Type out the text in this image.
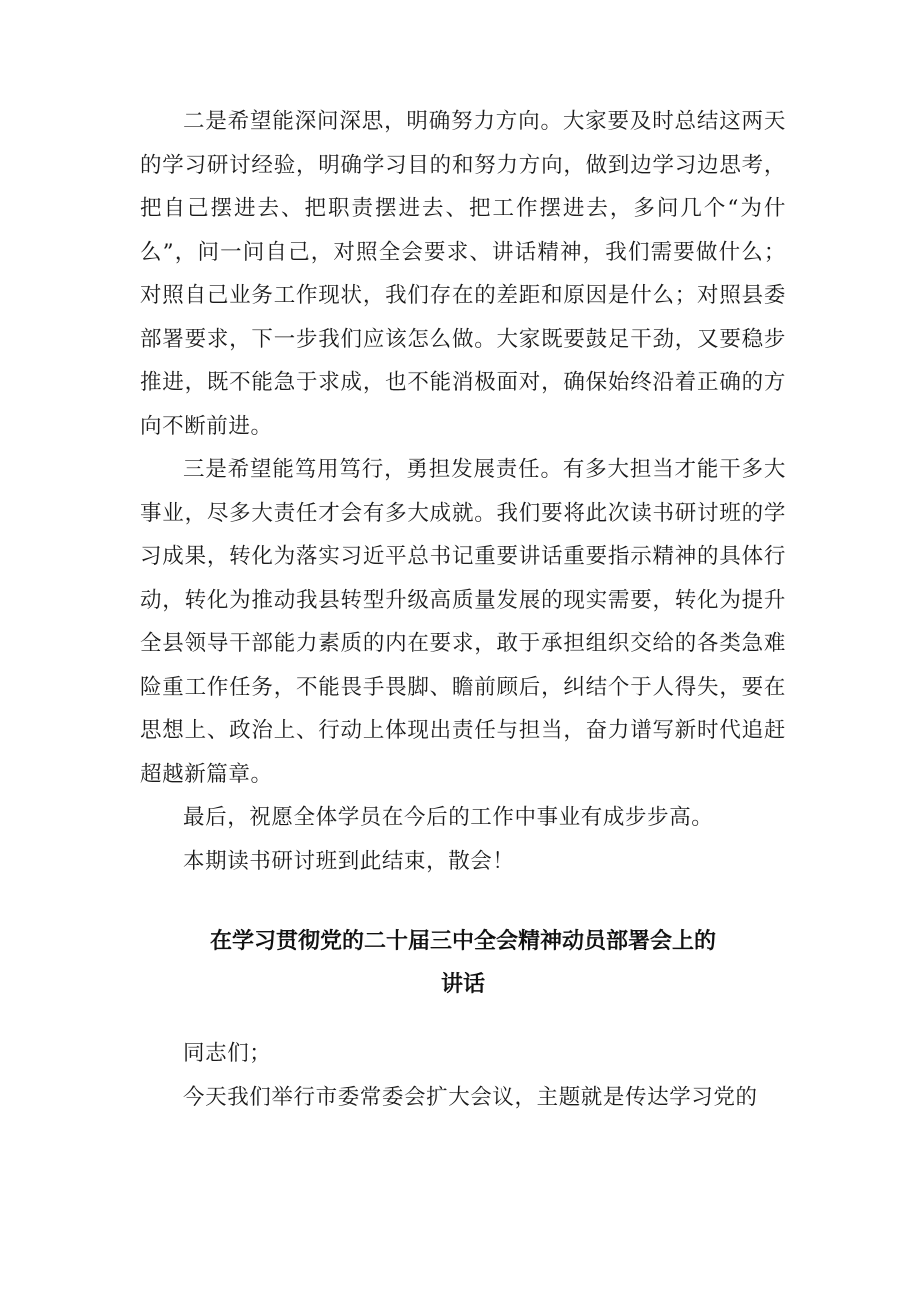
二是希望能深问深思，明确努力方向。大家要及时总结这两天的学习研讨经验，明确学习目的和努力方向，做到边学习边思考，把自己摆进去、把职责摆进去、把工作摆进去，多问几个“为什么”，问一问自己，对照全会要求、讲话精神，我们需要做什么；对照自己业务工作现状，我们存在的差距和原因是什么；对照县委部署要求，下一步我们应该怎么做。大家既要鼓足干劲，又要稳步推进，既不能急于求成，也不能消极面对，确保始终沿着正确的方向不断前进。

三是希望能笃用笃行，勇担发展责任。有多大担当才能干多大事业，尽多大责任才会有多大成就。我们要将此次读书研讨班的学习成果，转化为落实习近平总书记重要讲话重要指示精神的具体行动，转化为推动我县转型升级高质量发展的现实需要，转化为提升全县领导干部能力素质的内在要求，敢于承担组织交给的各类急难险重工作任务，不能畏手畏脚、瞻前顾后，纠结个于人得失，要在思想上、政治上、行动上体现出责任与担当，奋力谱写新时代追赶超越新篇章。

最后，祝愿全体学员在今后的工作中事业有成步步高。

本期读书研讨班到此结束，散会！

在学习贯彻党的二十届三中全会精神动员部署会上的
讲话

同志们；

今天我们举行市委常委会扩大会议，主题就是传达学习党的
